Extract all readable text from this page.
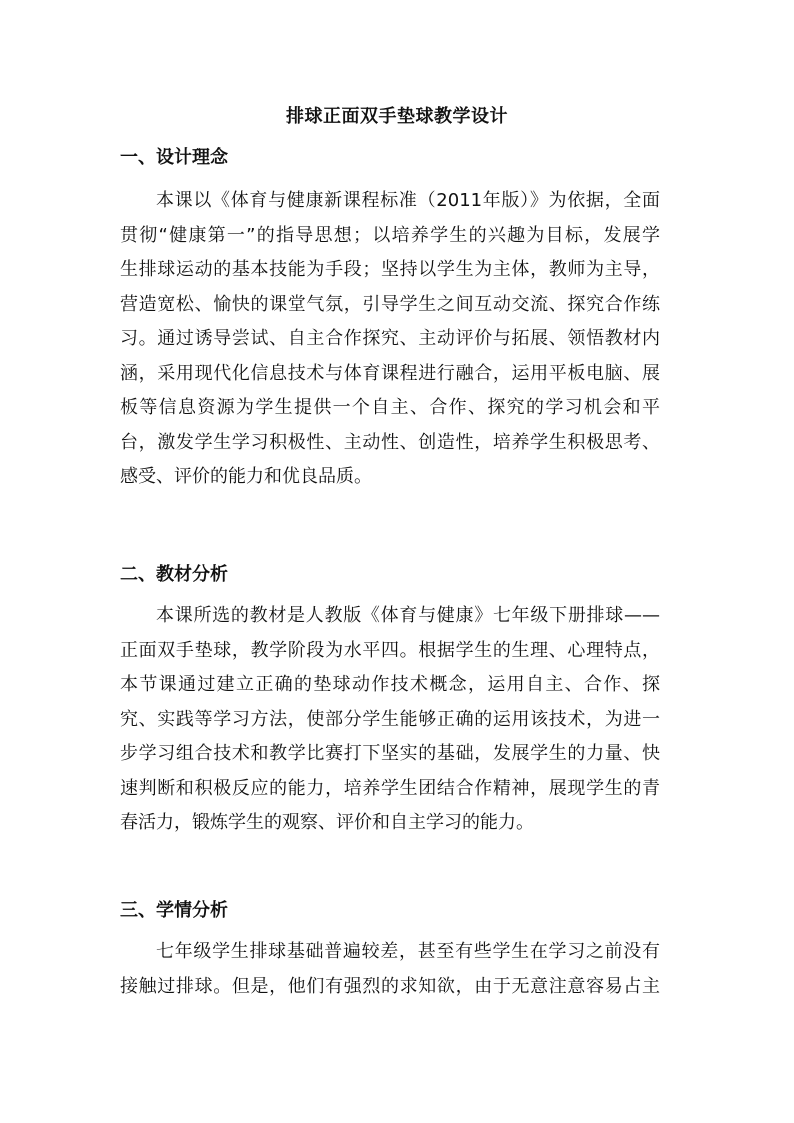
排球正面双手垫球教学设计
一、设计理念
本课以《体育与健康新课程标准（2011年版）》为依据，全面
贯彻“健康第一”的指导思想；以培养学生的兴趣为目标，发展学
生排球运动的基本技能为手段；坚持以学生为主体，教师为主导，
营造宽松、愉快的课堂气氛，引导学生之间互动交流、探究合作练
习。通过诱导尝试、自主合作探究、主动评价与拓展、领悟教材内
涵，采用现代化信息技术与体育课程进行融合，运用平板电脑、展
板等信息资源为学生提供一个自主、合作、探究的学习机会和平
台，激发学生学习积极性、主动性、创造性，培养学生积极思考、
感受、评价的能力和优良品质。
二、教材分析
本课所选的教材是人教版《体育与健康》七年级下册排球——
正面双手垫球，教学阶段为水平四。根据学生的生理、心理特点，
本节课通过建立正确的垫球动作技术概念，运用自主、合作、探
究、实践等学习方法，使部分学生能够正确的运用该技术，为进一
步学习组合技术和教学比赛打下坚实的基础，发展学生的力量、快
速判断和积极反应的能力，培养学生团结合作精神，展现学生的青
春活力，锻炼学生的观察、评价和自主学习的能力。
三、学情分析
七年级学生排球基础普遍较差，甚至有些学生在学习之前没有
接触过排球。但是，他们有强烈的求知欲，由于无意注意容易占主
